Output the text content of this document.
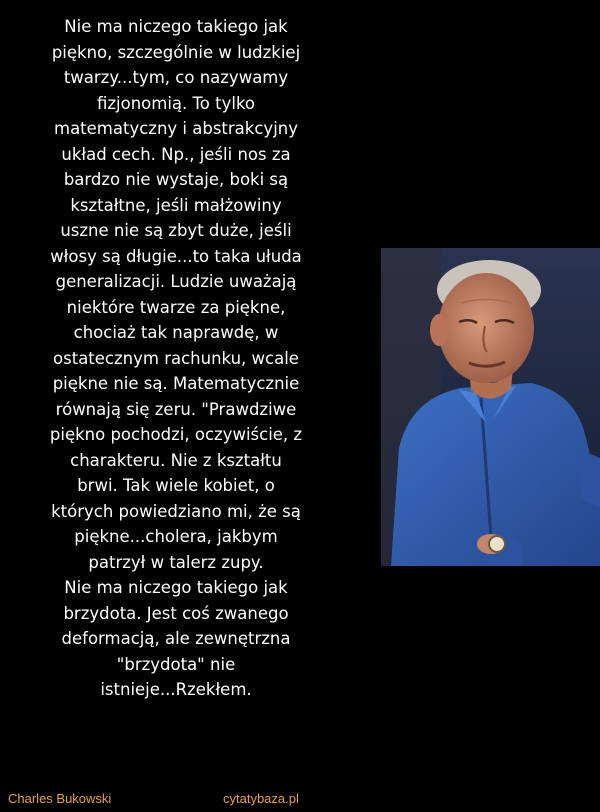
Nie ma niczego takiego jak
piękno, szczególnie w ludzkiej
twarzy...tym, co nazywamy
fizjonomią. To tylko
matematyczny i abstrakcyjny
układ cech. Np., jeśli nos za
bardzo nie wystaje, boki są
kształtne, jeśli małżowiny
uszne nie są zbyt duże, jeśli
włosy są długie...to taka ułuda
generalizacji. Ludzie uważają
niektóre twarze za piękne,
chociaż tak naprawdę, w
ostatecznym rachunku, wcale
piękne nie są. Matematycznie
równają się zeru. "Prawdziwe
piękno pochodzi, oczywiście, z
charakteru. Nie z kształtu
brwi. Tak wiele kobiet, o
których powiedziano mi, że są
piękne...cholera, jakbym
patrzył w talerz zupy.
Nie ma niczego takiego jak
brzydota. Jest coś zwanego
deformacją, ale zewnętrzna
"brzydota" nie
istnieje...Rzekłem.
Charles Bukowski	cytatybaza.pl
